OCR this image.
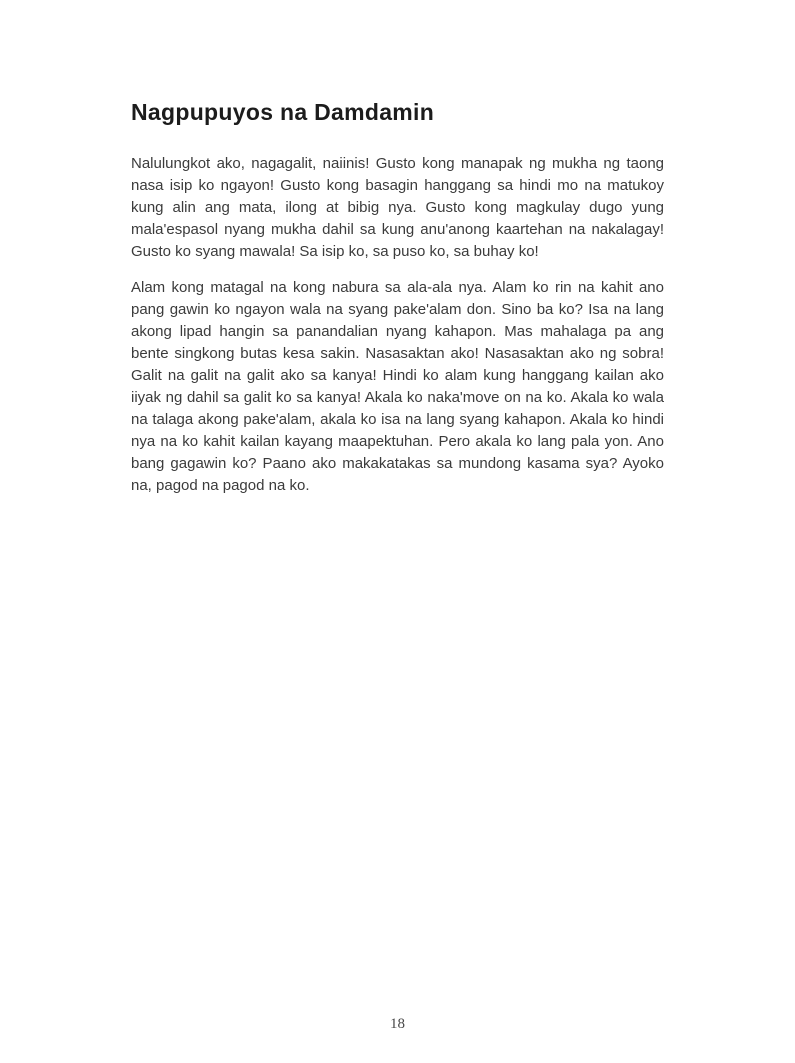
Nagpupuyos na Damdamin

Nalulungkot ako, nagagalit, naiinis! Gusto kong manapak ng mukha ng taong nasa isip ko ngayon! Gusto kong basagin hanggang sa hindi mo na matukoy kung alin ang mata, ilong at bibig nya. Gusto kong magkulay dugo yung mala'espasol nyang mukha dahil sa kung anu'anong kaartehan na nakalagay! Gusto ko syang mawala! Sa isip ko, sa puso ko, sa buhay ko!

Alam kong matagal na kong nabura sa ala-ala nya. Alam ko rin na kahit ano pang gawin ko ngayon wala na syang pake'alam don. Sino ba ko? Isa na lang akong lipad hangin sa panandalian nyang kahapon. Mas mahalaga pa ang bente singkong butas kesa sakin. Nasasaktan ako! Nasasaktan ako ng sobra! Galit na galit na galit ako sa kanya! Hindi ko alam kung hanggang kailan ako iiyak ng dahil sa galit ko sa kanya! Akala ko naka'move on na ko. Akala ko wala na talaga akong pake'alam, akala ko isa na lang syang kahapon. Akala ko hindi nya na ko kahit kailan kayang maapektuhan. Pero akala ko lang pala yon. Ano bang gagawin ko? Paano ako makakatakas sa mundong kasama sya? Ayoko na, pagod na pagod na ko.

18
